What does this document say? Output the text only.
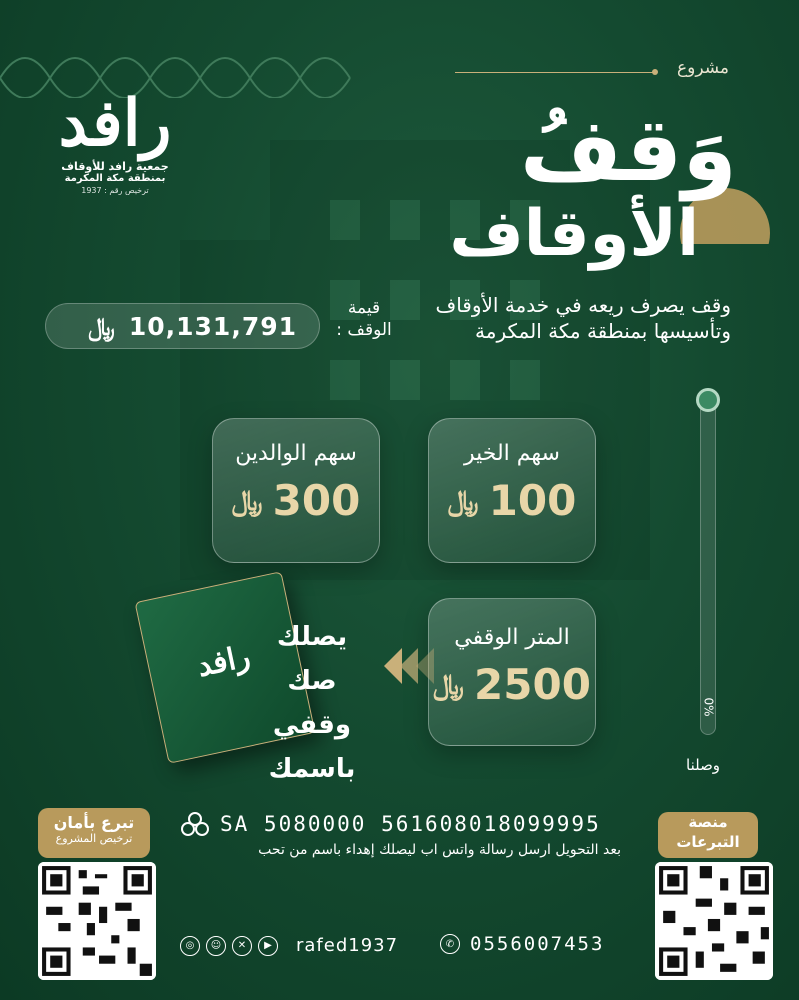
رافد
جمعية رافد للأوقاف
بمنطقة مكة المكرمة
ترخيص رقم : 1937
مشروع
وَقفُ
الأوقاف
وقف يصرف ريعه في خدمة الأوقاف وتأسيسها بمنطقة مكة المكرمة
﷼ 10,131,791
قيمة الوقف :
سهم الخير
﷼ 100
سهم الوالدين
﷼ 300
المتر الوقفي
﷼ 2500
رافد
يصلك
صك وقفي
باسمك
0%
وصلنا
SA 5080000 561608018099995
بعد التحويل ارسل رسالة واتس اب ليصلك إهداء باسم من تحب
تبرع بأمان
ترخيص المشروع
منصة
التبرعات
◎	☺	✕	▶	rafed1937	✆ 0556007453
